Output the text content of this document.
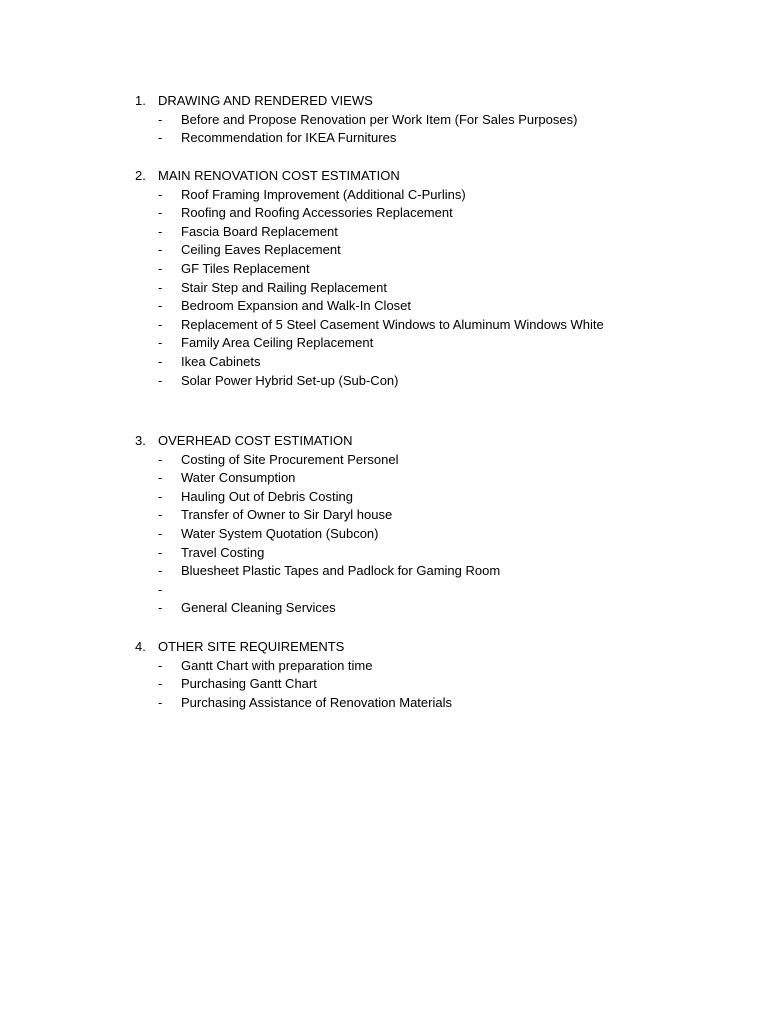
1. DRAWING AND RENDERED VIEWS
- Before and Propose Renovation per Work Item (For Sales Purposes)
- Recommendation for IKEA Furnitures
2. MAIN RENOVATION COST ESTIMATION
- Roof Framing Improvement (Additional C-Purlins)
- Roofing and Roofing Accessories Replacement
- Fascia Board Replacement
- Ceiling Eaves Replacement
- GF Tiles Replacement
- Stair Step and Railing Replacement
- Bedroom Expansion and Walk-In Closet
- Replacement of 5 Steel Casement Windows to Aluminum Windows White
- Family Area Ceiling Replacement
- Ikea Cabinets
- Solar Power Hybrid Set-up (Sub-Con)
3. OVERHEAD COST ESTIMATION
- Costing of Site Procurement Personel
- Water Consumption
- Hauling Out of Debris Costing
- Transfer of Owner to Sir Daryl house
- Water System Quotation (Subcon)
- Travel Costing
- Bluesheet Plastic Tapes and Padlock for Gaming Room
-
- General Cleaning Services
4. OTHER SITE REQUIREMENTS
- Gantt Chart with preparation time
- Purchasing Gantt Chart
- Purchasing Assistance of Renovation Materials
